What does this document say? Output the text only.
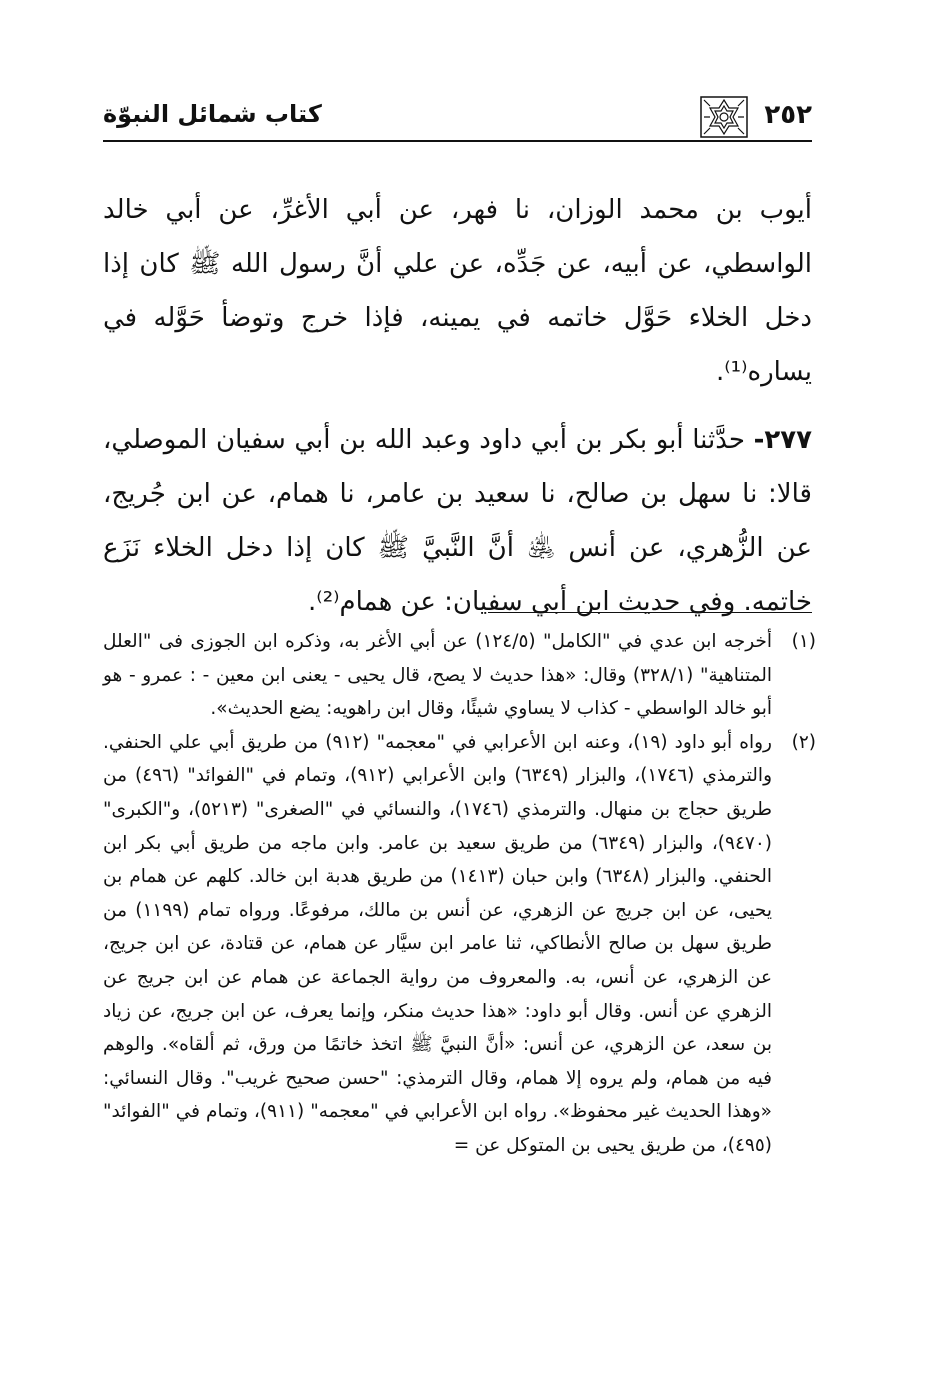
٢٥٢
كتاب شمائل النبوّة

أيوب بن محمد الوزان، نا فهر، عن أبي الأغرِّ، عن أبي خالد الواسطي، عن أبيه، عن جَدِّه، عن علي أنَّ رسول الله ﷺ كان إذا دخل الخلاء حَوَّل خاتمه في يمينه، فإذا خرج وتوضأ حَوَّله في يساره⁽¹⁾.

٢٧٧- حدَّثنا أبو بكر بن أبي داود وعبد الله بن أبي سفيان الموصلي، قالا: نا سهل بن صالح، نا سعيد بن عامر، نا همام، عن ابن جُريج، عن الزُّهري، عن أنس ﵁ أنَّ النَّبيَّ ﷺ كان إذا دخل الخلاء نَزَع خاتمه. وفي حديث ابن أبي سفيان: عن همام⁽²⁾.

(١)
أخرجه ابن عدي في "الكامل" (١٢٤/٥) عن أبي الأغر به، وذكره ابن الجوزى فى "العلل المتناهية" (٣٢٨/١) وقال: «هذا حديث لا يصح، قال يحيى - يعنى ابن معين - : عمرو - هو أبو خالد الواسطي - كذاب لا يساوي شيئًا، وقال ابن راهويه: يضع الحديث».
(٢)
رواه أبو داود (١٩)، وعنه ابن الأعرابي في "معجمه" (٩١٢) من طريق أبي علي الحنفي. والترمذي (١٧٤٦)، والبزار (٦٣٤٩) وابن الأعرابي (٩١٢)، وتمام في "الفوائد" (٤٩٦) من طريق حجاج بن منهال. والترمذي (١٧٤٦)، والنسائي في "الصغرى" (٥٢١٣)، و"الكبرى" (٩٤٧٠)، والبزار (٦٣٤٩) من طريق سعيد بن عامر. وابن ماجه من طريق أبي بكر ابن الحنفي. والبزار (٦٣٤٨) وابن حبان (١٤١٣) من طريق هدبة ابن خالد. كلهم عن همام بن يحيى، عن ابن جريج عن الزهري، عن أنس بن مالك، مرفوعًا. ورواه تمام (١١٩٩) من طريق سهل بن صالح الأنطاكي، ثنا عامر ابن سيَّار عن همام، عن قتادة، عن ابن جريج، عن الزهري، عن أنس، به. والمعروف من رواية الجماعة عن همام عن ابن جريج عن الزهري عن أنس. وقال أبو داود: «هذا حديث منكر، وإنما يعرف، عن ابن جريج، عن زياد بن سعد، عن الزهري، عن أنس: «أنَّ النبيَّ ﷺ اتخذ خاتمًا من ورق، ثم ألقاه». والوهم فيه من همام، ولم يروه إلا همام، وقال الترمذي: "حسن صحيح غريب". وقال النسائي: «وهذا الحديث غير محفوظ». رواه ابن الأعرابي في "معجمه" (٩١١)، وتمام في "الفوائد" (٤٩٥)، من طريق يحيى بن المتوكل عن =
